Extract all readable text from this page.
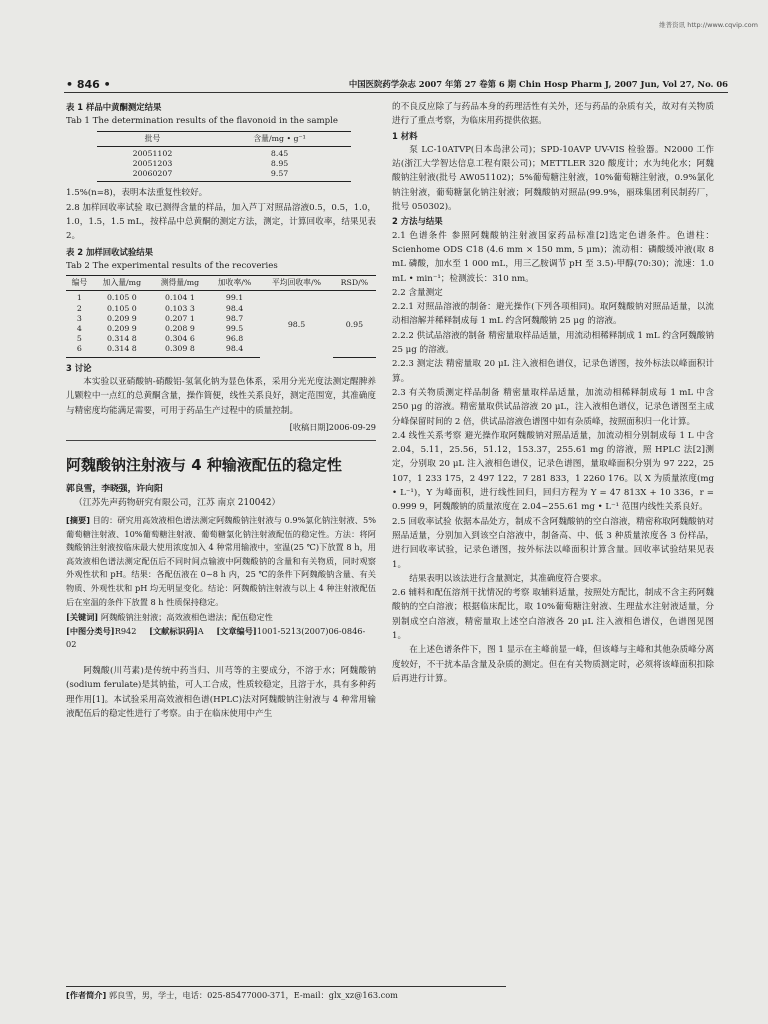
维普资讯 http://www.cqvip.com
• 846 •	中国医院药学杂志 2007 年第 27 卷第 6 期 Chin Hosp Pharm J, 2007 Jun, Vol 27, No. 06

表 1 样品中黄酮测定结果

Tab 1 The determination results of the flavonoid in the sample

批号	含量/mg • g⁻¹
20051102	8.45
20051203	8.95
20060207	9.57

1.5%(n=8)，表明本法重复性较好。

2.8 加样回收率试验 取已测得含量的样品，加入芦丁对照品溶液0.5，0.5，1.0，1.0，1.5，1.5 mL，按样品中总黄酮的测定方法，测定，计算回收率，结果见表 2。

表 2 加样回收试验结果

Tab 2 The experimental results of the recoveries

编号	加入量/mg	测得量/mg	加收率/%	平均回收率/%	RSD/%
1	0.105 0	0.104 1	99.1	98.5	0.95
2	0.105 0	0.103 3	98.4		
3	0.209 9	0.207 1	98.7		
4	0.209 9	0.208 9	99.5		
5	0.314 8	0.304 6	96.8		
6	0.314 8	0.309 8	98.4		

3 讨论

本实验以亚硝酸钠-硝酸铝-氢氧化钠为显色体系，采用分光光度法测定醒脾养儿颗粒中一点红的总黄酮含量，操作简便，线性关系良好，测定范围宽，其准确度与精密度均能满足需要，可用于药品生产过程中的质量控制。

[收稿日期]2006-09-29

阿魏酸钠注射液与 4 种输液配伍的稳定性

郭良雪，李晓强，许向阳 （江苏先声药物研究有限公司，江苏 南京 210042）

[摘要] 目的：研究用高效液相色谱法测定阿魏酸钠注射液与 0.9%氯化钠注射液、5%葡萄糖注射液、10%葡萄糖注射液、葡萄糖氯化钠注射液配伍的稳定性。方法：将阿魏酸钠注射液按临床最大使用浓度加入 4 种常用输液中，室温(25 ℃)下放置 8 h，用高效液相色谱法测定配伍后不同时间点输液中阿魏酸钠的含量和有关物质，同时观察外观性状和 pH。结果：各配伍液在 0~8 h 内，25 ℃的条件下阿魏酸钠含量、有关物质、外观性状和 pH 均无明显变化。结论：阿魏酸钠注射液与以上 4 种注射液配伍后在室温的条件下放置 8 h 性质保持稳定。

[关键词] 阿魏酸钠注射液；高效液相色谱法；配伍稳定性

[中图分类号]R942 [文献标识码]A [文章编号]1001-5213(2007)06-0846-02

阿魏酸(川芎素)是传统中药当归、川芎等的主要成分，不溶于水；阿魏酸钠(sodium ferulate)是其钠盐，可人工合成，性质较稳定，且溶于水，具有多种药理作用[1]。本试验采用高效液相色谱(HPLC)法对阿魏酸钠注射液与 4 种常用输液配伍后的稳定性进行了考察。由于在临床使用中产生

的不良反应除了与药品本身的药理活性有关外，还与药品的杂质有关，故对有关物质进行了重点考察，为临床用药提供依据。

1 材料

泵 LC-10ATVP(日本岛津公司)；SPD-10AVP UV-VIS 检验器。N2000 工作站(浙江大学智达信息工程有限公司)；METTLER 320 酸度计；水为纯化水；阿魏酸钠注射液(批号 AW051102)；5%葡萄糖注射液，10%葡萄糖注射液，0.9%氯化钠注射液，葡萄糖氯化钠注射液；阿魏酸钠对照品(99.9%，丽珠集团利民制药厂，批号 050302)。

2 方法与结果

2.1 色谱条件 参照阿魏酸钠注射液国家药品标准[2]选定色谱条件。色谱柱：Scienhome ODS C18 (4.6 mm × 150 mm, 5 μm)；流动相：磷酸缓冲液(取 8 mL 磷酸，加水至 1 000 mL，用三乙胺调节 pH 至 3.5)-甲醇(70:30)；流速：1.0 mL • min⁻¹；检测波长：310 nm。

2.2 含量测定

2.2.1 对照品溶液的制备：避光操作(下列各项相同)。取阿魏酸钠对照品适量，以流动相溶解并稀释制成每 1 mL 约含阿魏酸钠 25 μg 的溶液。

2.2.2 供试品溶液的制备 精密量取样品适量，用流动相稀释制成 1 mL 约含阿魏酸钠 25 μg 的溶液。

2.2.3 测定法 精密量取 20 μL 注入液相色谱仪，记录色谱图，按外标法以峰面积计算。

2.3 有关物质测定样品制备 精密量取样品适量，加流动相稀释制成每 1 mL 中含 250 μg 的溶液。精密量取供试品溶液 20 μL，注入液相色谱仪，记录色谱图至主成分峰保留时间的 2 倍，供试品溶液色谱图中如有杂质峰，按照面积归一化计算。

2.4 线性关系考察 避光操作取阿魏酸钠对照品适量，加流动相分别制成每 1 L 中含 2.04，5.11，25.56，51.12，153.37，255.61 mg 的溶液，照 HPLC 法[2]测定，分别取 20 μL 注入液相色谱仪，记录色谱图，量取峰面积分别为 97 222，25 107，1 233 175，2 497 122，7 281 833，1 2260 176。以 X 为质量浓度(mg • L⁻¹)，Y 为峰面积，进行线性回归，回归方程为 Y = 47 813X + 10 336，r = 0.999 9，阿魏酸钠的质量浓度在 2.04~255.61 mg • L⁻¹ 范围内线性关系良好。

2.5 回收率试验 依据本品处方，制成不含阿魏酸钠的空白溶液，精密称取阿魏酸钠对照品适量，分别加入到该空白溶液中，制备高、中、低 3 种质量浓度各 3 份样品，进行回收率试验，记录色谱图，按外标法以峰面积计算含量。回收率试验结果见表 1。

结果表明以该法进行含量测定，其准确度符合要求。

2.6 辅料和配伍溶剂干扰情况的考察 取辅料适量，按照处方配比，制成不含主药阿魏酸钠的空白溶液；根据临床配比，取 10%葡萄糖注射液、生理盐水注射液适量，分别制成空白溶液，精密量取上述空白溶液各 20 μL 注入液相色谱仪，色谱图见图 1。

在上述色谱条件下，图 1 显示在主峰前显一峰，但该峰与主峰和其他杂质峰分离度较好，不干扰本品含量及杂质的测定。但在有关物质测定时，必须将该峰面积扣除后再进行计算。

[作者简介] 郭良雪，男，学士，电话：025-85477000-371，E-mail：glx_xz@163.com
